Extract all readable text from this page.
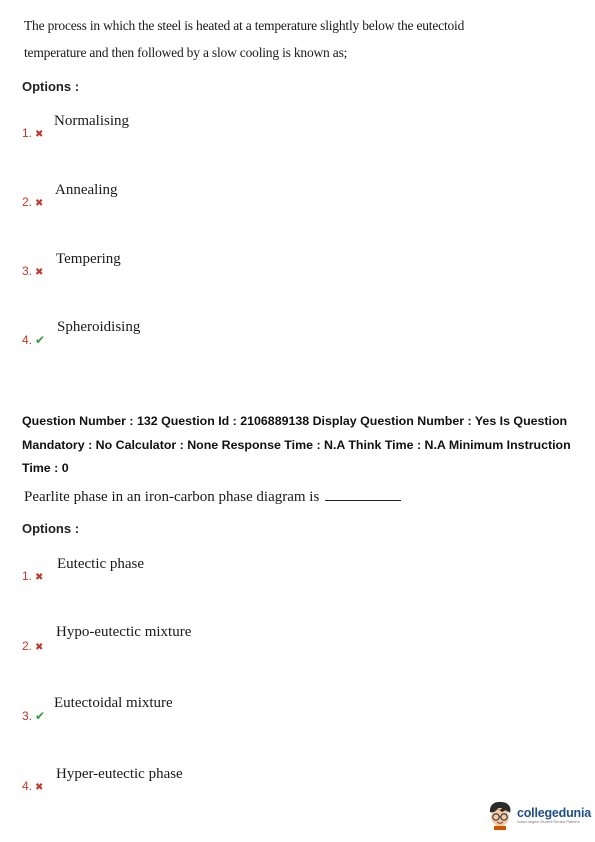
The process in which the steel is heated at a temperature slightly below the eutectoid
temperature and then followed by a slow cooling is known as;
Options :
1. ✖
Normalising
2. ✖
Annealing
3. ✖
Tempering
4. ✔
Spheroidising
Question Number : 132 Question Id : 2106889138 Display Question Number : Yes Is Question Mandatory : No Calculator : None Response Time : N.A Think Time : N.A Minimum Instruction Time : 0
Pearlite phase in an iron-carbon phase diagram is
Options :
1. ✖
Eutectic phase
2. ✖
Hypo-eutectic mixture
3. ✔
Eutectoidal mixture
4. ✖
Hyper-eutectic phase
collegedunia
India's largest Student Review Platform
